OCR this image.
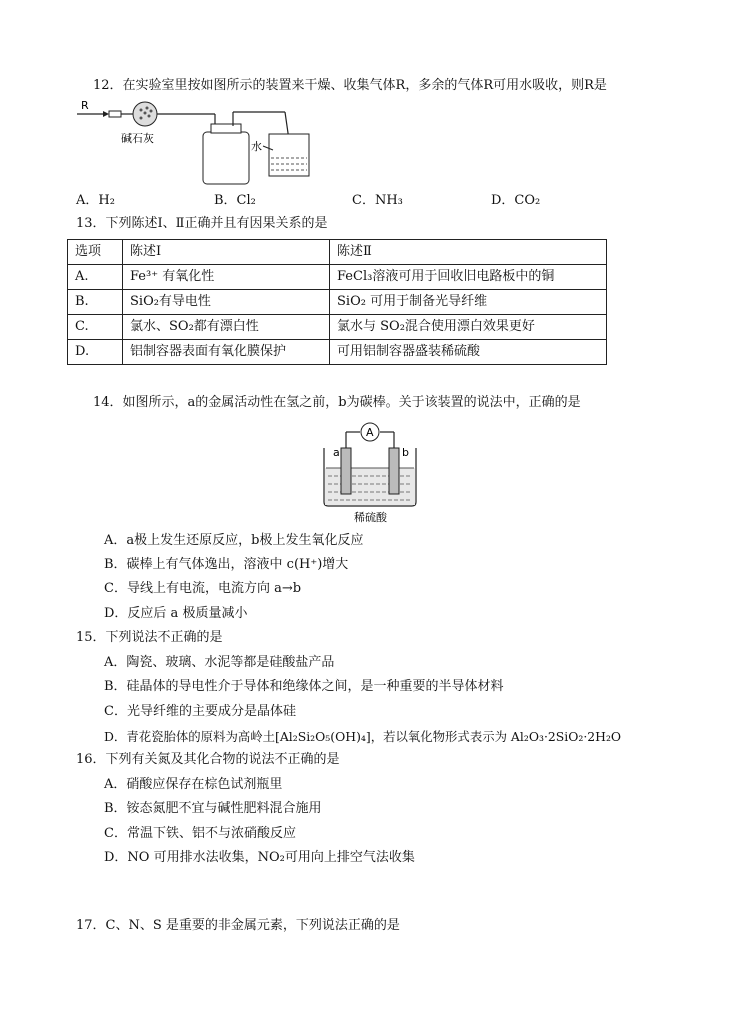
12．在实验室里按如图所示的装置来干燥、收集气体R，多余的气体R可用水吸收，则R是
R
碱石灰
水
A．H₂	B．Cl₂	C．NH₃	D．CO₂
13．下列陈述Ⅰ、Ⅱ正确并且有因果关系的是
选项	陈述Ⅰ	陈述Ⅱ
A.	Fe³⁺ 有氧化性	FeCl₃溶液可用于回收旧电路板中的铜
B.	SiO₂有导电性	SiO₂ 可用于制备光导纤维
C.	氯水、SO₂都有漂白性	氯水与 SO₂混合使用漂白效果更好
D.	铝制容器表面有氧化膜保护	可用铝制容器盛装稀硫酸
14．如图所示，a的金属活动性在氢之前，b为碳棒。关于该装置的说法中，正确的是
A
a	b
稀硫酸
A．a极上发生还原反应，b极上发生氧化反应
B．碳棒上有气体逸出，溶液中 c(H⁺)增大
C．导线上有电流，电流方向 a→b
D．反应后 a 极质量减小
15．下列说法不正确的是
A．陶瓷、玻璃、水泥等都是硅酸盐产品
B．硅晶体的导电性介于导体和绝缘体之间，是一种重要的半导体材料
C．光导纤维的主要成分是晶体硅
D．青花瓷胎体的原料为高岭土[Al₂Si₂O₅(OH)₄]，若以氧化物形式表示为 Al₂O₃·2SiO₂·2H₂O
16．下列有关氮及其化合物的说法不正确的是
A．硝酸应保存在棕色试剂瓶里
B．铵态氮肥不宜与碱性肥料混合施用
C．常温下铁、铝不与浓硝酸反应
D．NO 可用排水法收集，NO₂可用向上排空气法收集
17．C、N、S 是重要的非金属元素，下列说法正确的是
